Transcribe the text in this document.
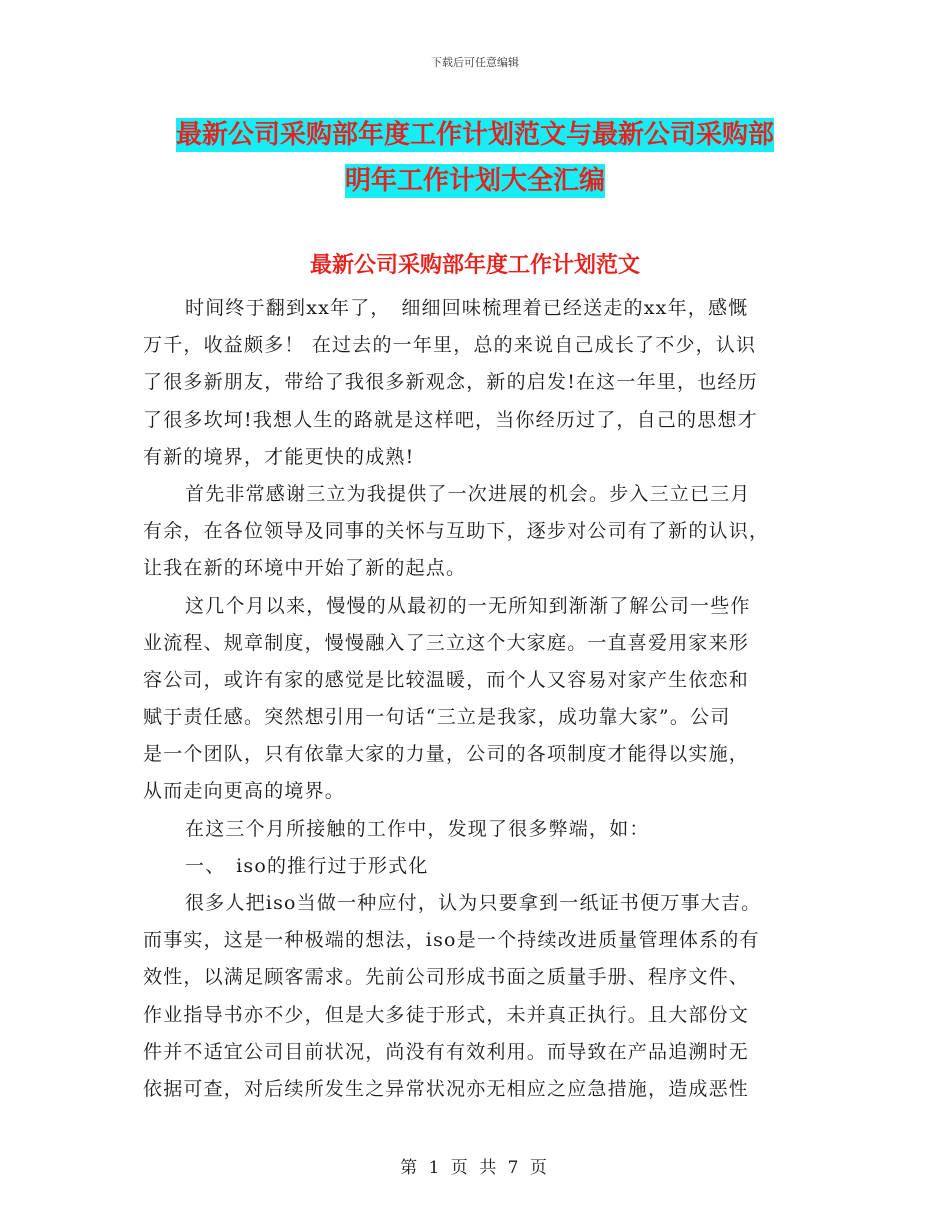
下载后可任意编辑
最新公司采购部年度工作计划范文与最新公司采购部
明年工作计划大全汇编
最新公司采购部年度工作计划范文
时间终于翻到xx年了，　细细回味梳理着已经送走的xx年，感慨
万千，收益颇多！ 在过去的一年里，总的来说自己成长了不少，认识
了很多新朋友，带给了我很多新观念，新的启发!在这一年里，也经历
了很多坎坷!我想人生的路就是这样吧，当你经历过了，自己的思想才
有新的境界，才能更快的成熟!
首先非常感谢三立为我提供了一次进展的机会。步入三立已三月
有余，在各位领导及同事的关怀与互助下，逐步对公司有了新的认识，
让我在新的环境中开始了新的起点。
这几个月以来，慢慢的从最初的一无所知到渐渐了解公司一些作
业流程、规章制度，慢慢融入了三立这个大家庭。一直喜爱用家来形
容公司，或许有家的感觉是比较温暖，而个人又容易对家产生依恋和
赋于责任感。突然想引用一句话“三立是我家，成功靠大家”。公司
是一个团队，只有依靠大家的力量，公司的各项制度才能得以实施，
从而走向更高的境界。
在这三个月所接触的工作中，发现了很多弊端，如：
一、　iso的推行过于形式化
很多人把iso当做一种应付，认为只要拿到一纸证书便万事大吉。
而事实，这是一种极端的想法，iso是一个持续改进质量管理体系的有
效性，以满足顾客需求。先前公司形成书面之质量手册、程序文件、
作业指导书亦不少，但是大多徒于形式，未并真正执行。且大部份文
件并不适宜公司目前状况，尚没有有效利用。而导致在产品追溯时无
依据可查，对后续所发生之异常状况亦无相应之应急措施，造成恶性
第 1 页 共 7 页
